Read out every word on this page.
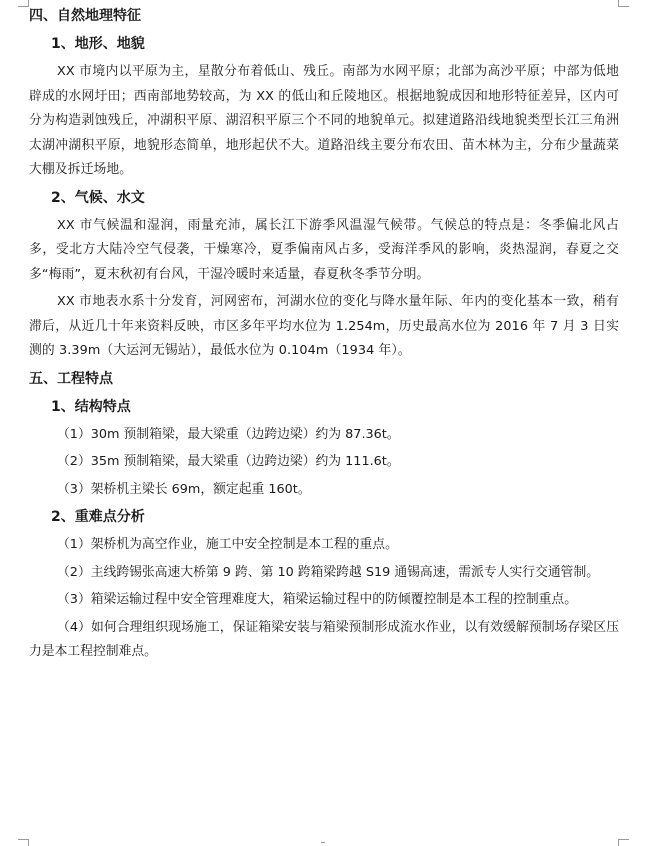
四、自然地理特征

1、地形、地貌

XX 市境内以平原为主，星散分布着低山、残丘。南部为水网平原；北部为高沙平原；中部为低地辟成的水网圩田；西南部地势较高，为 XX 的低山和丘陵地区。根据地貌成因和地形特征差异，区内可分为构造剥蚀残丘，冲湖积平原、湖沼积平原三个不同的地貌单元。拟建道路沿线地貌类型长江三角洲太湖冲湖积平原，地貌形态简单，地形起伏不大。道路沿线主要分布农田、苗木林为主，分布少量蔬菜大棚及拆迁场地。

2、气候、水文

XX 市气候温和湿润，雨量充沛，属长江下游季风温湿气候带。气候总的特点是：冬季偏北风占多，受北方大陆冷空气侵袭，干燥寒冷，夏季偏南风占多，受海洋季风的影响，炎热湿润，春夏之交多“梅雨”，夏末秋初有台风，干湿冷暖时来适量，春夏秋冬季节分明。

XX 市地表水系十分发育，河网密布，河湖水位的变化与降水量年际、年内的变化基本一致，稍有滞后，从近几十年来资料反映，市区多年平均水位为 1.254m，历史最高水位为 2016 年 7 月 3 日实测的 3.39m（大运河无锡站），最低水位为 0.104m（1934 年）。

五、工程特点

1、结构特点

（1）30m 预制箱梁，最大梁重（边跨边梁）约为 87.36t。

（2）35m 预制箱梁，最大梁重（边跨边梁）约为 111.6t。

（3）架桥机主梁长 69m，额定起重 160t。

2、重难点分析

（1）架桥机为高空作业，施工中安全控制是本工程的重点。

（2）主线跨锡张高速大桥第 9 跨、第 10 跨箱梁跨越 S19 通锡高速，需派专人实行交通管制。

（3）箱梁运输过程中安全管理难度大，箱梁运输过程中的防倾覆控制是本工程的控制重点。

（4）如何合理组织现场施工，保证箱梁安装与箱梁预制形成流水作业，以有效缓解预制场存梁区压力是本工程控制难点。
